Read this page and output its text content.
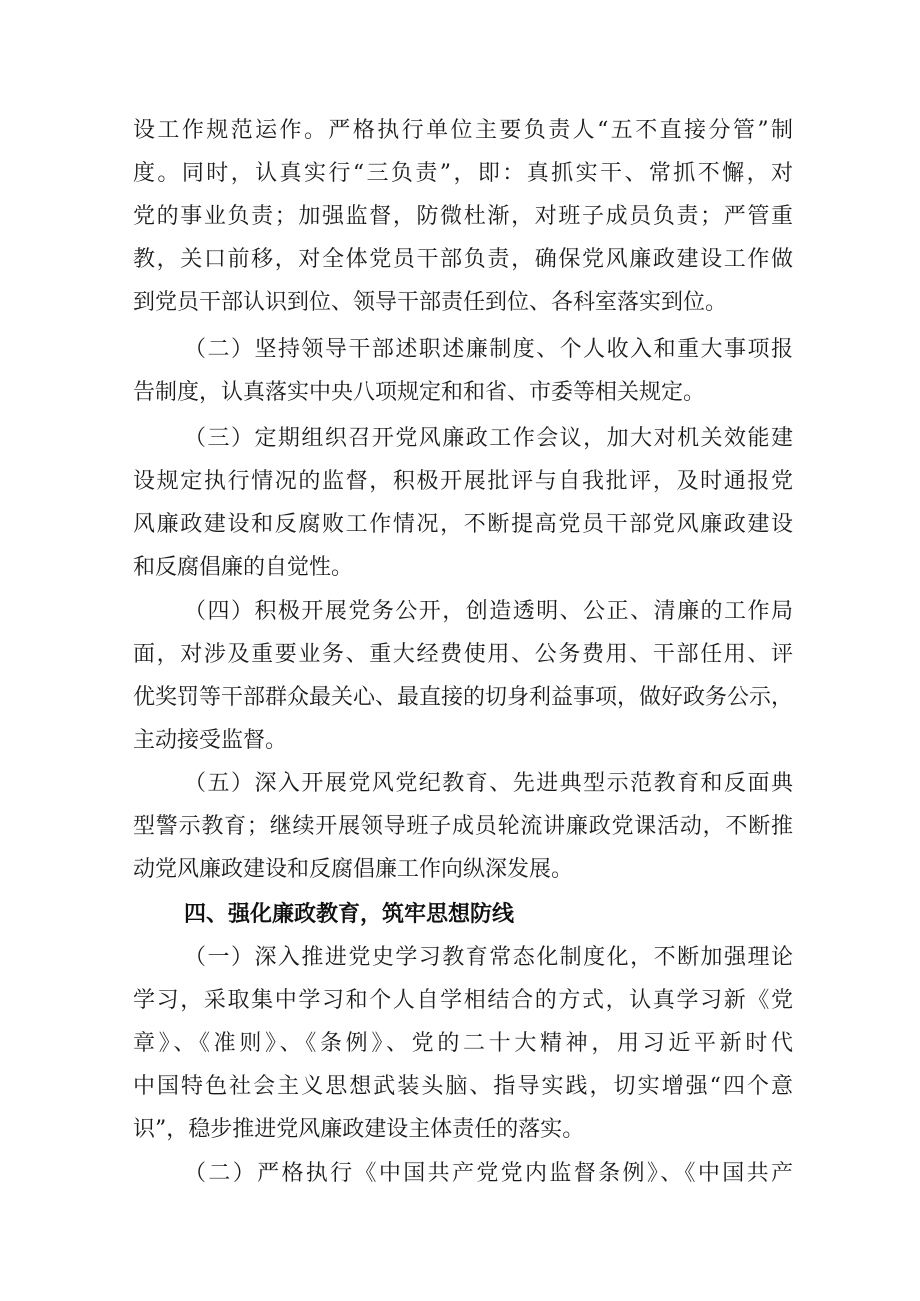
设工作规范运作。严格执行单位主要负责人“五不直接分管”制
度。同时，认真实行“三负责”，即：真抓实干、常抓不懈，对
党的事业负责；加强监督，防微杜渐，对班子成员负责；严管重
教，关口前移，对全体党员干部负责，确保党风廉政建设工作做
到党员干部认识到位、领导干部责任到位、各科室落实到位。
（二）坚持领导干部述职述廉制度、个人收入和重大事项报
告制度，认真落实中央八项规定和和省、市委等相关规定。
（三）定期组织召开党风廉政工作会议，加大对机关效能建
设规定执行情况的监督，积极开展批评与自我批评，及时通报党
风廉政建设和反腐败工作情况，不断提高党员干部党风廉政建设
和反腐倡廉的自觉性。
（四）积极开展党务公开，创造透明、公正、清廉的工作局
面，对涉及重要业务、重大经费使用、公务费用、干部任用、评
优奖罚等干部群众最关心、最直接的切身利益事项，做好政务公示，
主动接受监督。
（五）深入开展党风党纪教育、先进典型示范教育和反面典
型警示教育；继续开展领导班子成员轮流讲廉政党课活动，不断推
动党风廉政建设和反腐倡廉工作向纵深发展。
四、强化廉政教育，筑牢思想防线
（一）深入推进党史学习教育常态化制度化，不断加强理论
学习，采取集中学习和个人自学相结合的方式，认真学习新《党
章》、《准则》、《条例》、党的二十大精神，用习近平新时代
中国特色社会主义思想武装头脑、指导实践，切实增强“四个意
识”，稳步推进党风廉政建设主体责任的落实。
（二）严格执行《中国共产党党内监督条例》、《中国共产
